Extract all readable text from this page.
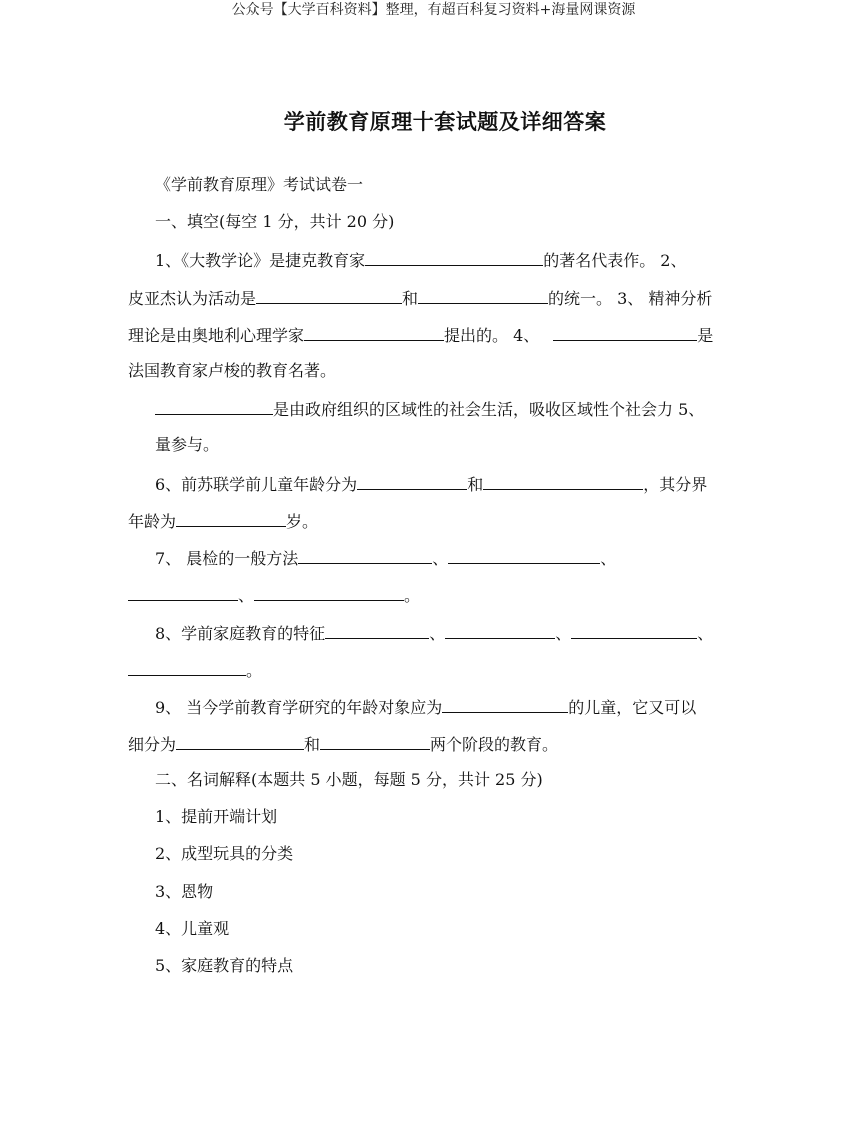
公众号【大学百科资料】整理，有超百科复习资料+海量网课资源
学前教育原理十套试题及详细答案
《学前教育原理》考试试卷一
一、填空(每空 1 分，共计 20 分)
1、《大教学论》是捷克教育家	的著名代表作。 2、
皮亚杰认为活动是	和	的统一。 3、 精神分析
理论是由奥地利心理学家	提出的。 4、	是
法国教育家卢梭的教育名著。
是由政府组织的区域性的社会生活，吸收区域性个社会力 5、
量参与。
6、前苏联学前儿童年龄分为	和	，其分界
年龄为	岁。
7、 晨检的一般方法	、	、
、	。
8、学前家庭教育的特征	、	、	、
。
9、 当今学前教育学研究的年龄对象应为	的儿童，它又可以
细分为	和	两个阶段的教育。
二、名词解释(本题共 5 小题，每题 5 分，共计 25 分)
1、提前开端计划
2、成型玩具的分类
3、恩物
4、儿童观
5、家庭教育的特点
